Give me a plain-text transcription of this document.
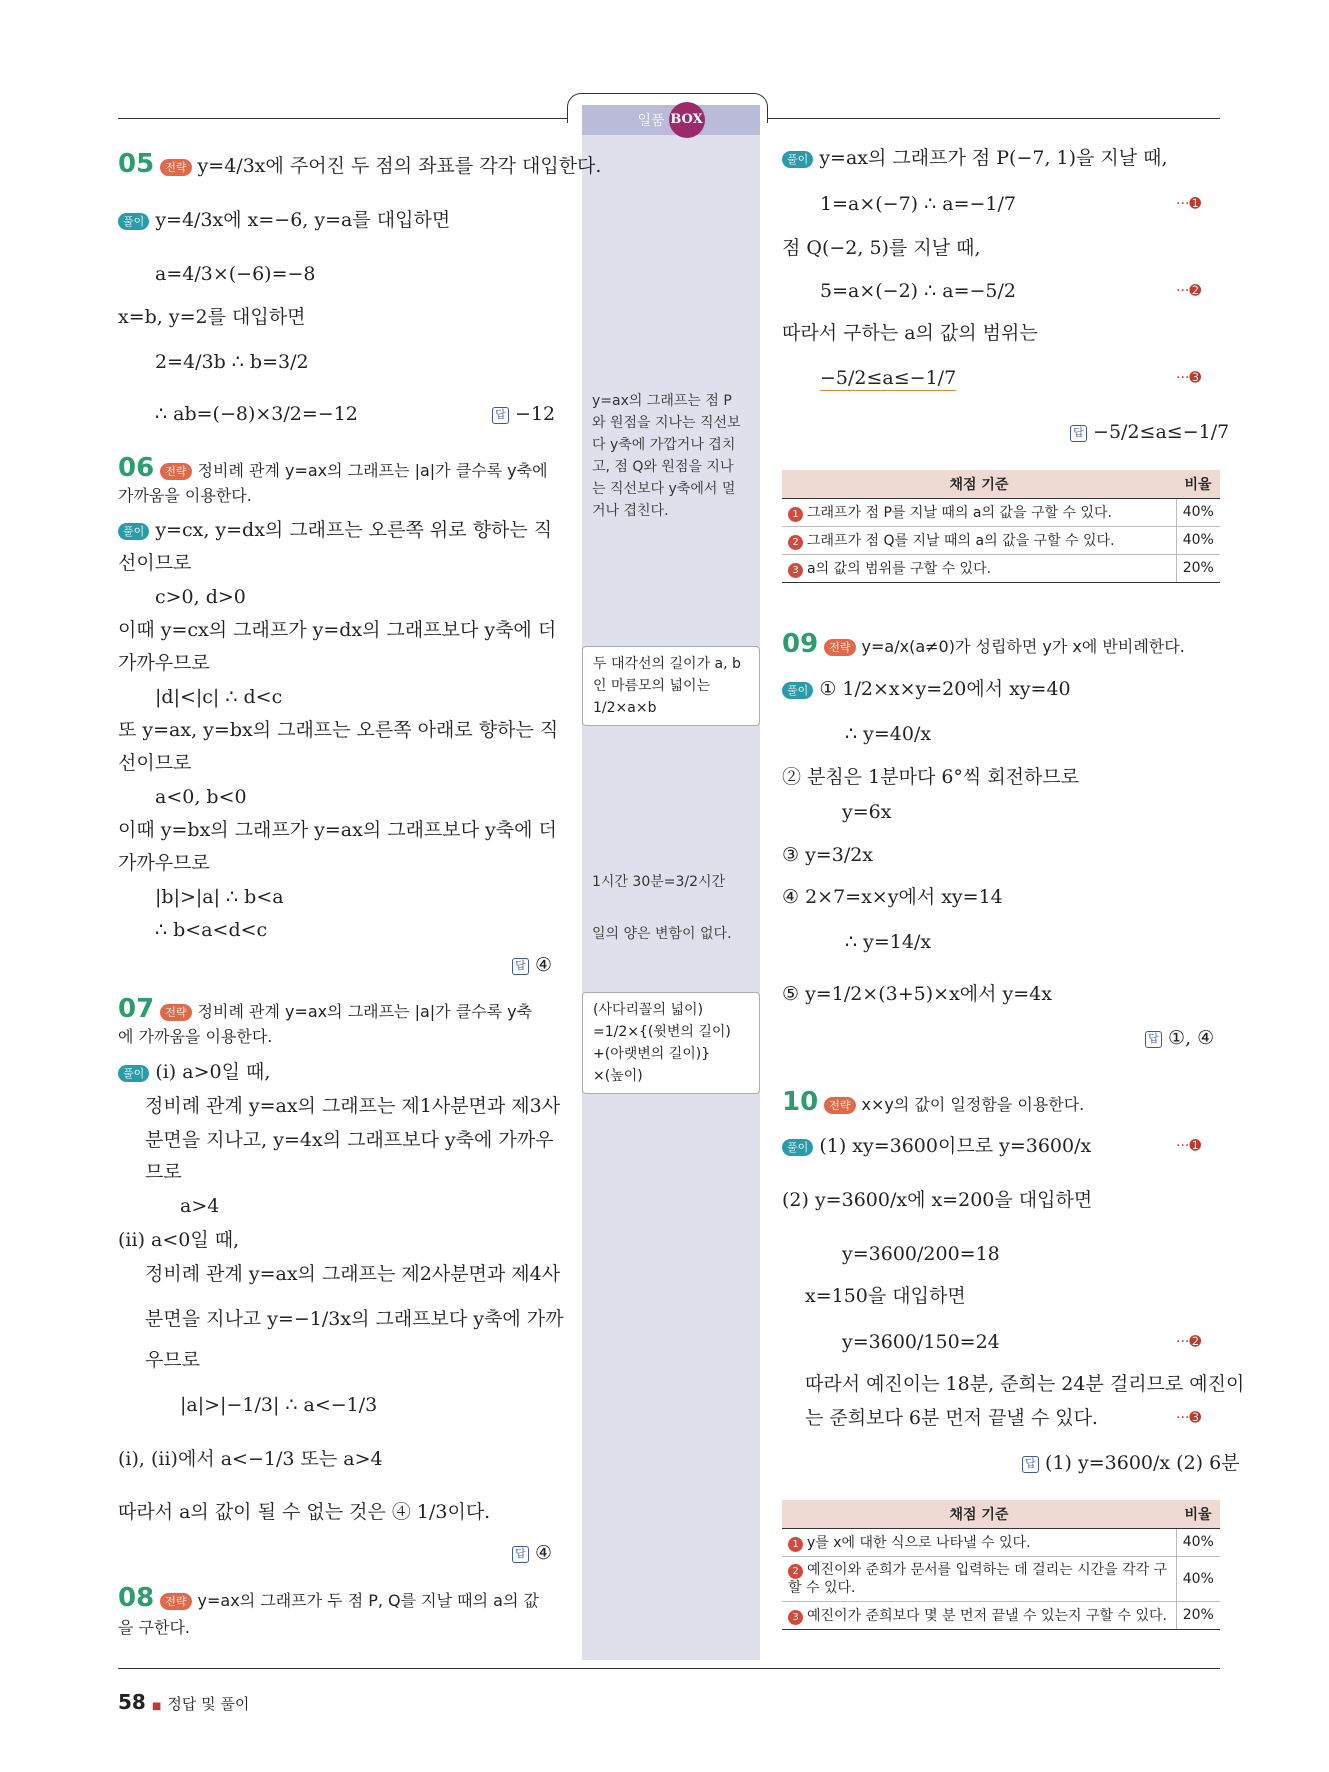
일품 BOX
05 전략 y=4/3x에 주어진 두 점의 좌표를 각각 대입한다.
풀이 y=4/3x에 x=−6, y=a를 대입하면
a=4/3×(−6)=−8
x=b, y=2를 대입하면
2=4/3b ∴ b=3/2
∴ ab=(−8)×3/2=−12	답 −12
06 전략 정비례 관계 y=ax의 그래프는 |a|가 클수록 y축에
가까움을 이용한다.
풀이 y=cx, y=dx의 그래프는 오른쪽 위로 향하는 직
선이므로
c>0, d>0
이때 y=cx의 그래프가 y=dx의 그래프보다 y축에 더
가까우므로
|d|<|c| ∴ d<c
또 y=ax, y=bx의 그래프는 오른쪽 아래로 향하는 직
선이므로
a<0, b<0
이때 y=bx의 그래프가 y=ax의 그래프보다 y축에 더
가까우므로
|b|>|a| ∴ b<a
∴ b<a<d<c
답 ④
07 전략 정비례 관계 y=ax의 그래프는 |a|가 클수록 y축
에 가까움을 이용한다.
풀이 (i) a>0일 때,
정비례 관계 y=ax의 그래프는 제1사분면과 제3사
분면을 지나고, y=4x의 그래프보다 y축에 가까우
므로
a>4
(ii) a<0일 때,
정비례 관계 y=ax의 그래프는 제2사분면과 제4사
분면을 지나고 y=−1/3x의 그래프보다 y축에 가까
우므로
|a|>|−1/3| ∴ a<−1/3
(i), (ii)에서 a<−1/3 또는 a>4
따라서 a의 값이 될 수 없는 것은 ④ 1/3이다.
답 ④
08 전략 y=ax의 그래프가 두 점 P, Q를 지날 때의 a의 값
을 구한다.
y=ax의 그래프는 점 P
와 원점을 지나는 직선보
다 y축에 가깝거나 겹치
고, 점 Q와 원점을 지나
는 직선보다 y축에서 멀
거나 겹친다.
두 대각선의 길이가 a, b
인 마름모의 넓이는
1/2×a×b
1시간 30분=3/2시간
일의 양은 변함이 없다.
(사다리꼴의 넓이)
=1/2×{(윗변의 길이)
+(아랫변의 길이)}
×(높이)
풀이 y=ax의 그래프가 점 P(−7, 1)을 지날 때,
1=a×(−7) ∴ a=−1/7	···➊
점 Q(−2, 5)를 지날 때,
5=a×(−2) ∴ a=−5/2	···➋
따라서 구하는 a의 값의 범위는
−5/2≤a≤−1/7	···➌
답 −5/2≤a≤−1/7
채점 기준	비율
1 그래프가 점 P를 지날 때의 a의 값을 구할 수 있다.	40%
2 그래프가 점 Q를 지날 때의 a의 값을 구할 수 있다.	40%
3 a의 값의 범위를 구할 수 있다.	20%
09 전략 y=a/x(a≠0)가 성립하면 y가 x에 반비례한다.
풀이 ① 1/2×x×y=20에서 xy=40
∴ y=40/x
② 분침은 1분마다 6°씩 회전하므로
y=6x
③ y=3/2x
④ 2×7=x×y에서 xy=14
∴ y=14/x
⑤ y=1/2×(3+5)×x에서 y=4x
답 ①, ④
10 전략 x×y의 값이 일정함을 이용한다.
풀이 (1) xy=3600이므로 y=3600/x	···➊
(2) y=3600/x에 x=200을 대입하면
y=3600/200=18
x=150을 대입하면
y=3600/150=24	···➋
따라서 예진이는 18분, 준희는 24분 걸리므로 예진이
는 준희보다 6분 먼저 끝낼 수 있다.	···➌
답 (1) y=3600/x (2) 6분
채점 기준	비율
1 y를 x에 대한 식으로 나타낼 수 있다.	40%
2 예진이와 준희가 문서를 입력하는 데 걸리는 시간을 각각 구할 수 있다.	40%
3 예진이가 준희보다 몇 분 먼저 끝낼 수 있는지 구할 수 있다.	20%
58 ■ 정답 및 풀이
